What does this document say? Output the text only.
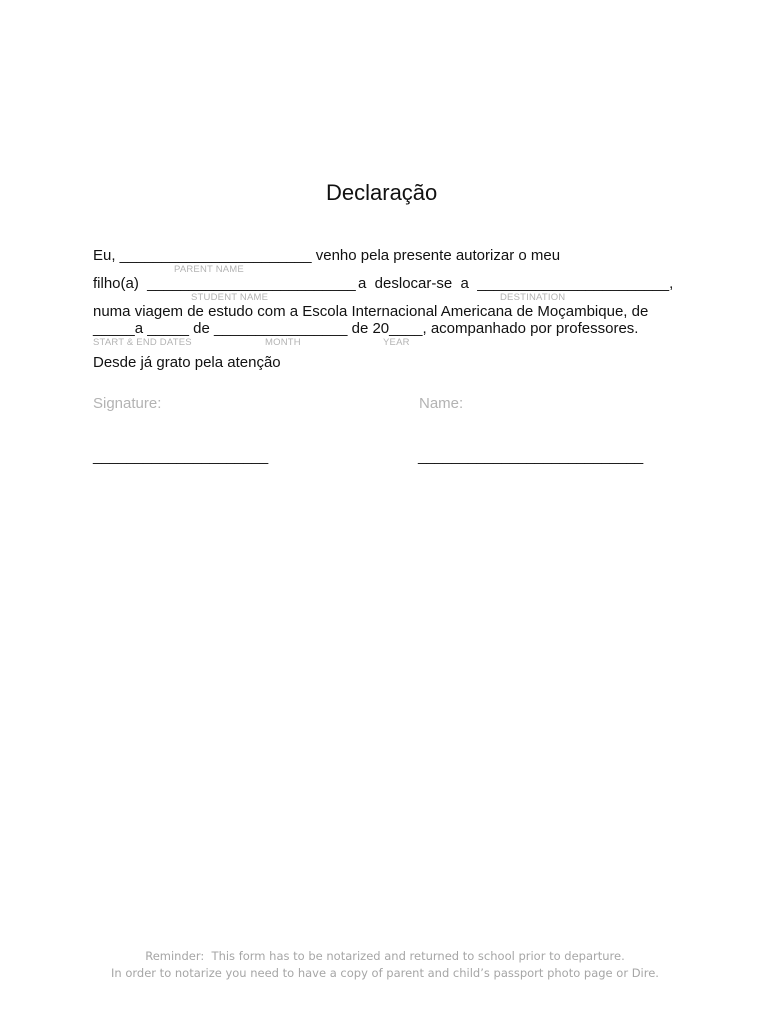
Declaração
Eu, _______________________ venho pela presente autorizar o meu
PARENT NAME
filho(a)  _________________________ a  deslocar-se  a  _______________________,
STUDENT NAME	DESTINATION
numa viagem de estudo com a Escola Internacional Americana de Moçambique, de
_____a _____ de ________________ de 20____, acompanhado por professores.
START & END DATES	MONTH	YEAR
Desde já grato pela atenção
Signature:	Name:
_____________________	___________________________
Reminder:  This form has to be notarized and returned to school prior to departure.
In order to notarize you need to have a copy of parent and child’s passport photo page or Dire.
